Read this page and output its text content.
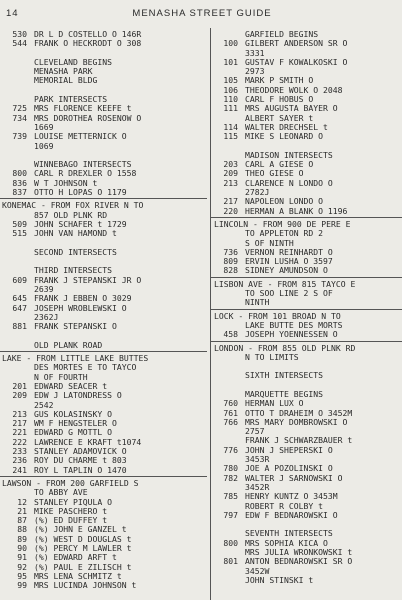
14	MENASHA STREET GUIDE
530 DR L D COSTELLO O 146R
544 FRANK O HECKRODT O 308
CLEVELAND BEGINS
MENASHA PARK
MEMORIAL BLDG
PARK INTERSECTS
725 MRS FLORENCE KEEFE t
734 MRS DOROTHEA ROSENOW O
1669
739 LOUISE METTERNICK O
1069
WINNEBAGO INTERSECTS
800 CARL R DREXLER O 1558
836 W T JOHNSON t
837 OTTO H LOPAS O 1179
KONEMAC - FROM FOX RIVER N TO
857 OLD PLNK RD
509 JOHN SCHAFER t 1729
515 JOHN VAN HAMOND t
SECOND INTERSECTS
THIRD INTERSECTS
609 FRANK J STEPANSKI JR O
2639
645 FRANK J EBBEN O 3029
647 JOSEPH WROBLEWSKI O
2362J
881 FRANK STEPANSKI O
OLD PLANK ROAD
LAKE - FROM LITTLE LAKE BUTTES
DES MORTES E TO TAYCO
N OF FOURTH
201 EDWARD SEACER t
209 EDW J LATONDRESS O
2542
213 GUS KOLASINSKY O
217 WM F HENGSTELER O
221 EDWARD G MOTTL O
222 LAWRENCE E KRAFT t1074
233 STANLEY ADAMOVICK O
236 ROY DU CHARME t 803
241 ROY L TAPLIN O 1470
LAWSON - FROM 200 GARFIELD S
TO ABBY AVE
12 STANLEY PIQULA O
21 MIKE PASCHERO t
87 (%) ED DUFFEY t
88 (%) JOHN E GANZEL t
89 (%) WEST D DOUGLAS t
90 (%) PERCY M LAWLER t
91 (%) EDWARD ARFT t
92 (%) PAUL E ZILISCH t
95 MRS LENA SCHMITZ t
99 MRS LUCINDA JOHNSON t
GARFIELD BEGINS
100 GILBERT ANDERSON SR O
3331
101 GUSTAV F KOWALKOSKI O
2973
105 MARK P SMITH O
106 THEODORE WOLK O 2048
110 CARL F HOBUS O
111 MRS AUGUSTA BAYER O
ALBERT SAYER t
114 WALTER DRECHSEL t
115 MIKE S LEONARD O
MADISON INTERSECTS
203 CARL A GIESE O
209 THEO GIESE O
213 CLARENCE N LONDO O
2782J
217 NAPOLEON LONDO O
220 HERMAN A BLANK O 1196
LINCOLN - FROM 900 DE PERE E
TO APPLETON RD 2
S OF NINTH
736 VERNON REINHARDT O
809 ERVIN LUSHA O 3597
828 SIDNEY AMUNDSON O
LISBON AVE - FROM 815 TAYCO E
TO SOO LINE 2 S OF
NINTH
LOCK - FROM 101 BROAD N TO
LAKE BUTTE DES MORTS
458 JOSEPH YOENNESSEN O
LONDON - FROM 855 OLD PLNK RD
N TO LIMITS
SIXTH INTERSECTS
MARQUETTE BEGINS
760 HERMAN LUX O
761 OTTO T DRAHEIM O 3452M
766 MRS MARY DOMBROWSKI O
2757
FRANK J SCHWARZBAUER t
776 JOHN J SHEPERSKI O
3453R
780 JOE A POZOLINSKI O
782 WALTER J SARNOWSKI O
3452R
785 HENRY KUNTZ O 3453M
ROBERT R COLBY t
797 EDW F BEDNAROWSKI O
SEVENTH INTERSECTS
800 MRS SOPHIA KICA O
MRS JULIA WRONKOWSKI t
801 ANTON BEDNAROWSKI SR O
3452W
JOHN STINSKI t
